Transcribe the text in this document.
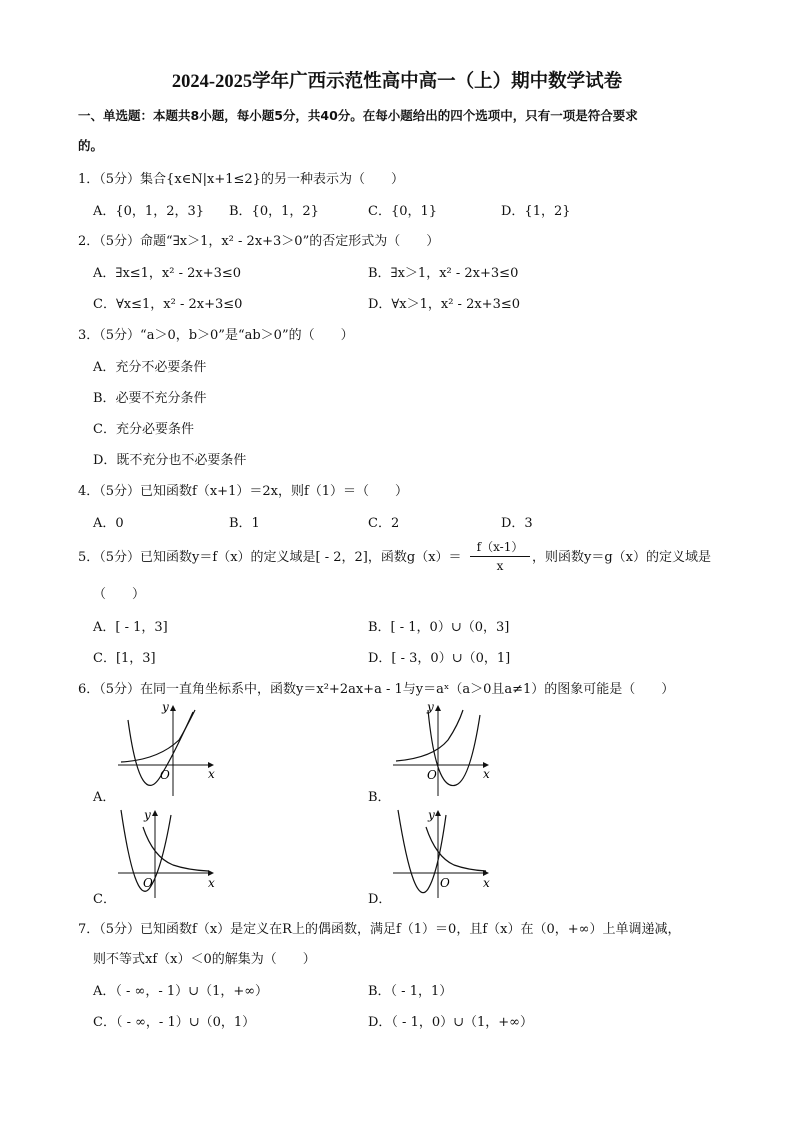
2024-2025学年广西示范性高中高一（上）期中数学试卷
一、单选题：本题共8小题，每小题5分，共40分。在每小题给出的四个选项中，只有一项是符合要求
的。
1．（5分）集合{x∈N|x+1≤2}的另一种表示为（　　）
A．{0，1，2，3} B．{0，1，2}	C．{0，1}	D．{1，2}
2．（5分）命题“∃x＞1，x² - 2x+3＞0”的否定形式为（　　）
A．∃x≤1，x² - 2x+3≤0	B．∃x＞1，x² - 2x+3≤0
C．∀x≤1，x² - 2x+3≤0	D．∀x＞1，x² - 2x+3≤0
3．（5分）“a＞0，b＞0”是“ab＞0”的（　　）
A．充分不必要条件
B．必要不充分条件
C．充分必要条件
D．既不充分也不必要条件
4．（5分）已知函数f（x+1）＝2x，则f（1）＝（　　）
A．0	B．1	C．2	D．3
5．（5分）已知函数y＝f（x）的定义域是[ - 2，2]，函数$g(x)= \frac{f(x-1)}{x}$ ，则函数y＝g（x）的定义域是
（　　）
A．[ - 1，3]	B．[ - 1，0）∪（0，3]
C．[1，3]	D．[ - 3，0）∪（0，1]
6．（5分）在同一直角坐标系中，函数y＝x²+2ax+a - 1与y＝aˣ（a＞0且a≠1）的图象可能是（　　）
y
x
O
A．
y
x
O
B．
y
x
O
C．
y
x
O
D．
7．（5分）已知函数f（x）是定义在R上的偶函数，满足f（1）＝0，且f（x）在（0，+∞）上单调递减，
则不等式xf（x）＜0的解集为（　　）
A．（ - ∞，- 1）∪（1，+∞）	B．（ - 1，1）
C．（ - ∞，- 1）∪（0，1）	D．（ - 1，0）∪（1，+∞）
